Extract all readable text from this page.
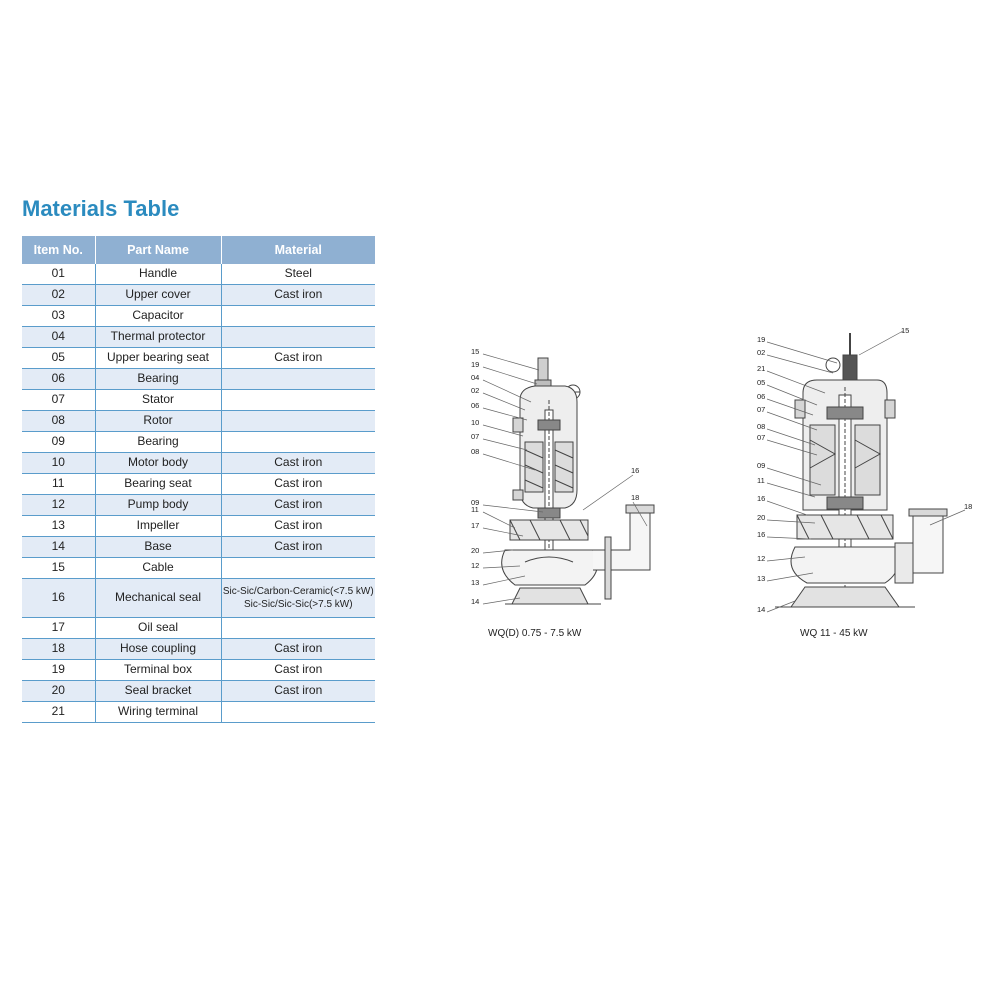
Materials Table
Item No.	Part Name	Material
01	Handle	Steel
02	Upper cover	Cast iron
03	Capacitor	
04	Thermal protector	
05	Upper bearing seat	Cast iron
06	Bearing	
07	Stator	
08	Rotor	
09	Bearing	
10	Motor body	Cast iron
11	Bearing seat	Cast iron
12	Pump body	Cast iron
13	Impeller	Cast iron
14	Base	Cast iron
15	Cable	
16	Mechanical seal	Sic-Sic/Carbon-Ceramic(<7.5 kW)
Sic-Sic/Sic-Sic(>7.5 kW)
17	Oil seal	
18	Hose coupling	Cast iron
19	Terminal box	Cast iron
20	Seal bracket	Cast iron
21	Wiring terminal	
15
19
04
02
06
10
07
08
09
11
17
20
12
13
14
16
18
WQ(D) 0.75 - 7.5 kW
19
02
21
05
06
07
08
07
09
11
16
20
16
12
13
14
15
18
WQ 11 - 45 kW
